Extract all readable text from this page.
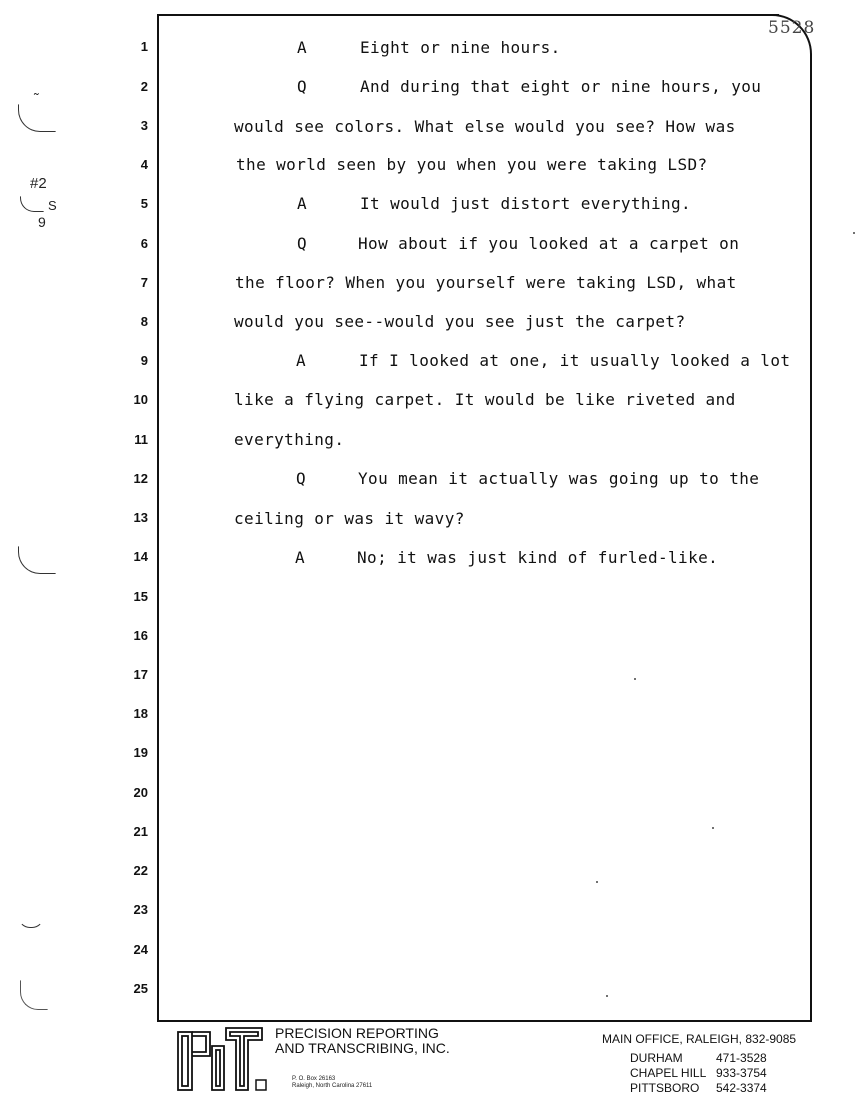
˜
#2
S
9
5528
1
2
3
4
5
6
7
8
9
10
11
12
13
14
15
16
17
18
19
20
21
22
23
24
25
A
Q
A
Q
A
Q
A
Eight or nine hours.
And during that eight or nine hours, you
would see colors. What else would you see? How was
the world seen by you when you were taking LSD?
It would just distort everything.
How about if you looked at a carpet on
the floor? When you yourself were taking LSD, what
would you see--would you see just the carpet?
If I looked at one, it usually looked a lot
like a flying carpet. It would be like riveted and
everything.
You mean it actually was going up to the
ceiling or was it wavy?
No; it was just kind of furled-like.
PRECISION REPORTING
AND TRANSCRIBING, INC.
P. O. Box 26163
Raleigh, North Carolina 27611
MAIN OFFICE, RALEIGH, 832-9085
DURHAM	471-3528
CHAPEL HILL 933-3754
PITTSBORO 542-3374
